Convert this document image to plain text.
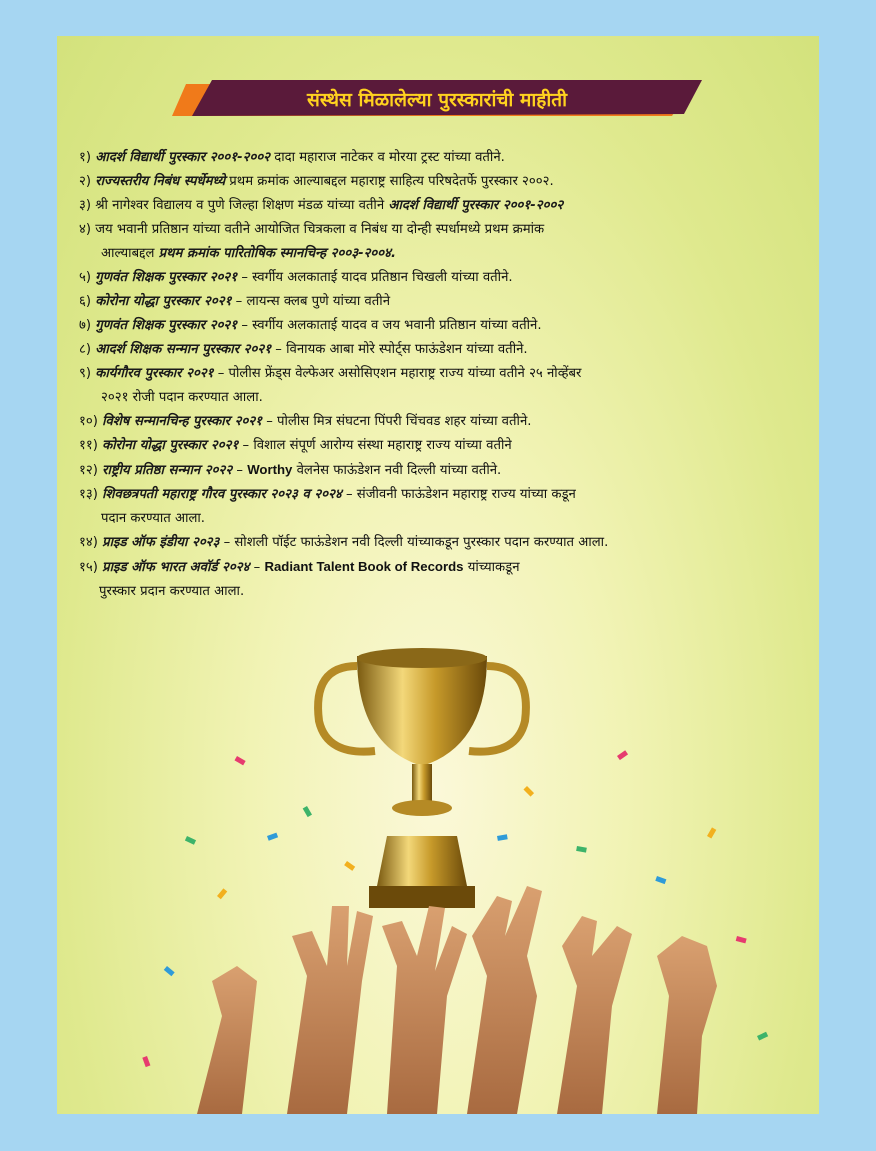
संस्थेस मिळालेल्या पुरस्कारांची माहीती
१) आदर्श विद्यार्थी पुरस्कार २००१-२००२ दादा महाराज नाटेकर व मोरया ट्रस्ट यांच्या वतीने.
२) राज्यस्तरीय निबंध स्पर्धेमध्ये प्रथम क्रमांक आल्याबद्दल महाराष्ट्र साहित्य परिषदेतर्फे पुरस्कार २००२.
३) श्री नागेश्वर विद्यालय व पुणे जिल्हा शिक्षण मंडळ यांच्या वतीने आदर्श विद्यार्थी पुरस्कार २००१-२००२
४) जय भवानी प्रतिष्ठान यांच्या वतीने आयोजित चित्रकला व निबंध या दोन्ही स्पर्धामध्ये प्रथम क्रमांक
आल्याबद्दल प्रथम क्रमांक पारितोषिक स्मानचिन्ह २००३-२००४.
५) गुणवंत शिक्षक पुरस्कार २०२१ – स्वर्गीय अलकाताई यादव प्रतिष्ठान चिखली यांच्या वतीने.
६) कोरोना योद्धा पुरस्कार २०२१ – लायन्स क्लब पुणे यांच्या वतीने
७) गुणवंत शिक्षक पुरस्कार २०२१ – स्वर्गीय अलकाताई यादव व जय भवानी प्रतिष्ठान यांच्या वतीने.
८) आदर्श शिक्षक सन्मान पुरस्कार २०२१ – विनायक आबा मोरे स्पोर्ट्स फाऊंडेशन यांच्या वतीने.
९) कार्यगौरव पुरस्कार २०२१ – पोलीस फ्रेंड्स वेल्फेअर असोसिएशन महाराष्ट्र राज्य यांच्या वतीने २५ नोव्हेंबर
२०२१ रोजी पदान करण्यात आला.
१०) विशेष सन्मानचिन्ह पुरस्कार २०२१ – पोलीस मित्र संघटना पिंपरी चिंचवड शहर यांच्या वतीने.
११) कोरोना योद्धा पुरस्कार २०२१ – विशाल संपूर्ण आरोग्य संस्था महाराष्ट्र राज्य यांच्या वतीने
१२) राष्ट्रीय प्रतिष्ठा सन्मान २०२२ – Worthy वेलनेस फाऊंडेशन नवी दिल्ली यांच्या वतीने.
१३) शिवछत्रपती महाराष्ट्र गौरव पुरस्कार २०२३ व २०२४ – संजीवनी फाऊंडेशन महाराष्ट्र राज्य यांच्या कडून
पदान करण्यात आला.
१४) प्राइड ऑफ इंडीया २०२३ – सोशली पॉईट फाऊंडेशन नवी दिल्ली यांच्याकडून पुरस्कार पदान करण्यात आला.
१५) प्राइड ऑफ भारत अवॉर्ड २०२४ – Radiant Talent Book of Records यांच्याकडून
पुरस्कार प्रदान करण्यात आला.
